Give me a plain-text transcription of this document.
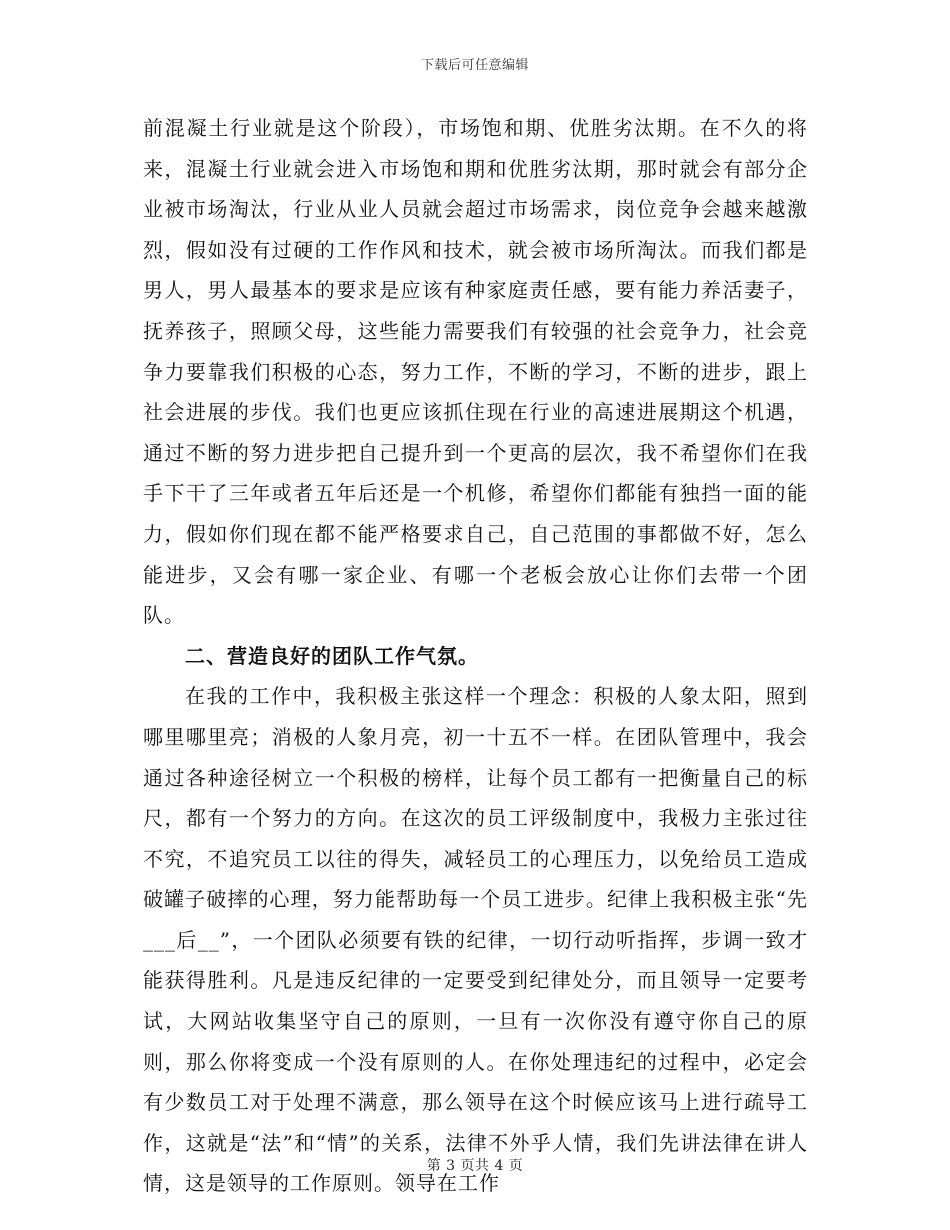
下载后可任意编辑

前混凝土行业就是这个阶段），市场饱和期、优胜劣汰期。在不久的将来，混凝土行业就会进入市场饱和期和优胜劣汰期，那时就会有部分企业被市场淘汰，行业从业人员就会超过市场需求，岗位竞争会越来越激烈，假如没有过硬的工作作风和技术，就会被市场所淘汰。而我们都是男人，男人最基本的要求是应该有种家庭责任感，要有能力养活妻子，抚养孩子，照顾父母，这些能力需要我们有较强的社会竞争力，社会竞争力要靠我们积极的心态，努力工作，不断的学习，不断的进步，跟上社会进展的步伐。我们也更应该抓住现在行业的高速进展期这个机遇，通过不断的努力进步把自己提升到一个更高的层次，我不希望你们在我手下干了三年或者五年后还是一个机修，希望你们都能有独挡一面的能力，假如你们现在都不能严格要求自己，自己范围的事都做不好，怎么能进步，又会有哪一家企业、有哪一个老板会放心让你们去带一个团队。

二、营造良好的团队工作气氛。

在我的工作中，我积极主张这样一个理念：积极的人象太阳，照到哪里哪里亮；消极的人象月亮，初一十五不一样。在团队管理中，我会通过各种途径树立一个积极的榜样，让每个员工都有一把衡量自己的标尺，都有一个努力的方向。在这次的员工评级制度中，我极力主张过往不究，不追究员工以往的得失，减轻员工的心理压力，以免给员工造成破罐子破摔的心理，努力能帮助每一个员工进步。纪律上我积极主张“先___后__”，一个团队必须要有铁的纪律，一切行动听指挥，步调一致才能获得胜利。凡是违反纪律的一定要受到纪律处分，而且领导一定要考试，大网站收集坚守自己的原则，一旦有一次你没有遵守你自己的原则，那么你将变成一个没有原则的人。在你处理违纪的过程中，必定会有少数员工对于处理不满意，那么领导在这个时候应该马上进行疏导工作，这就是“法”和“情”的关系，法律不外乎人情，我们先讲法律在讲人情，这是领导的工作原则。领导在工作

第 3 页共 4 页
